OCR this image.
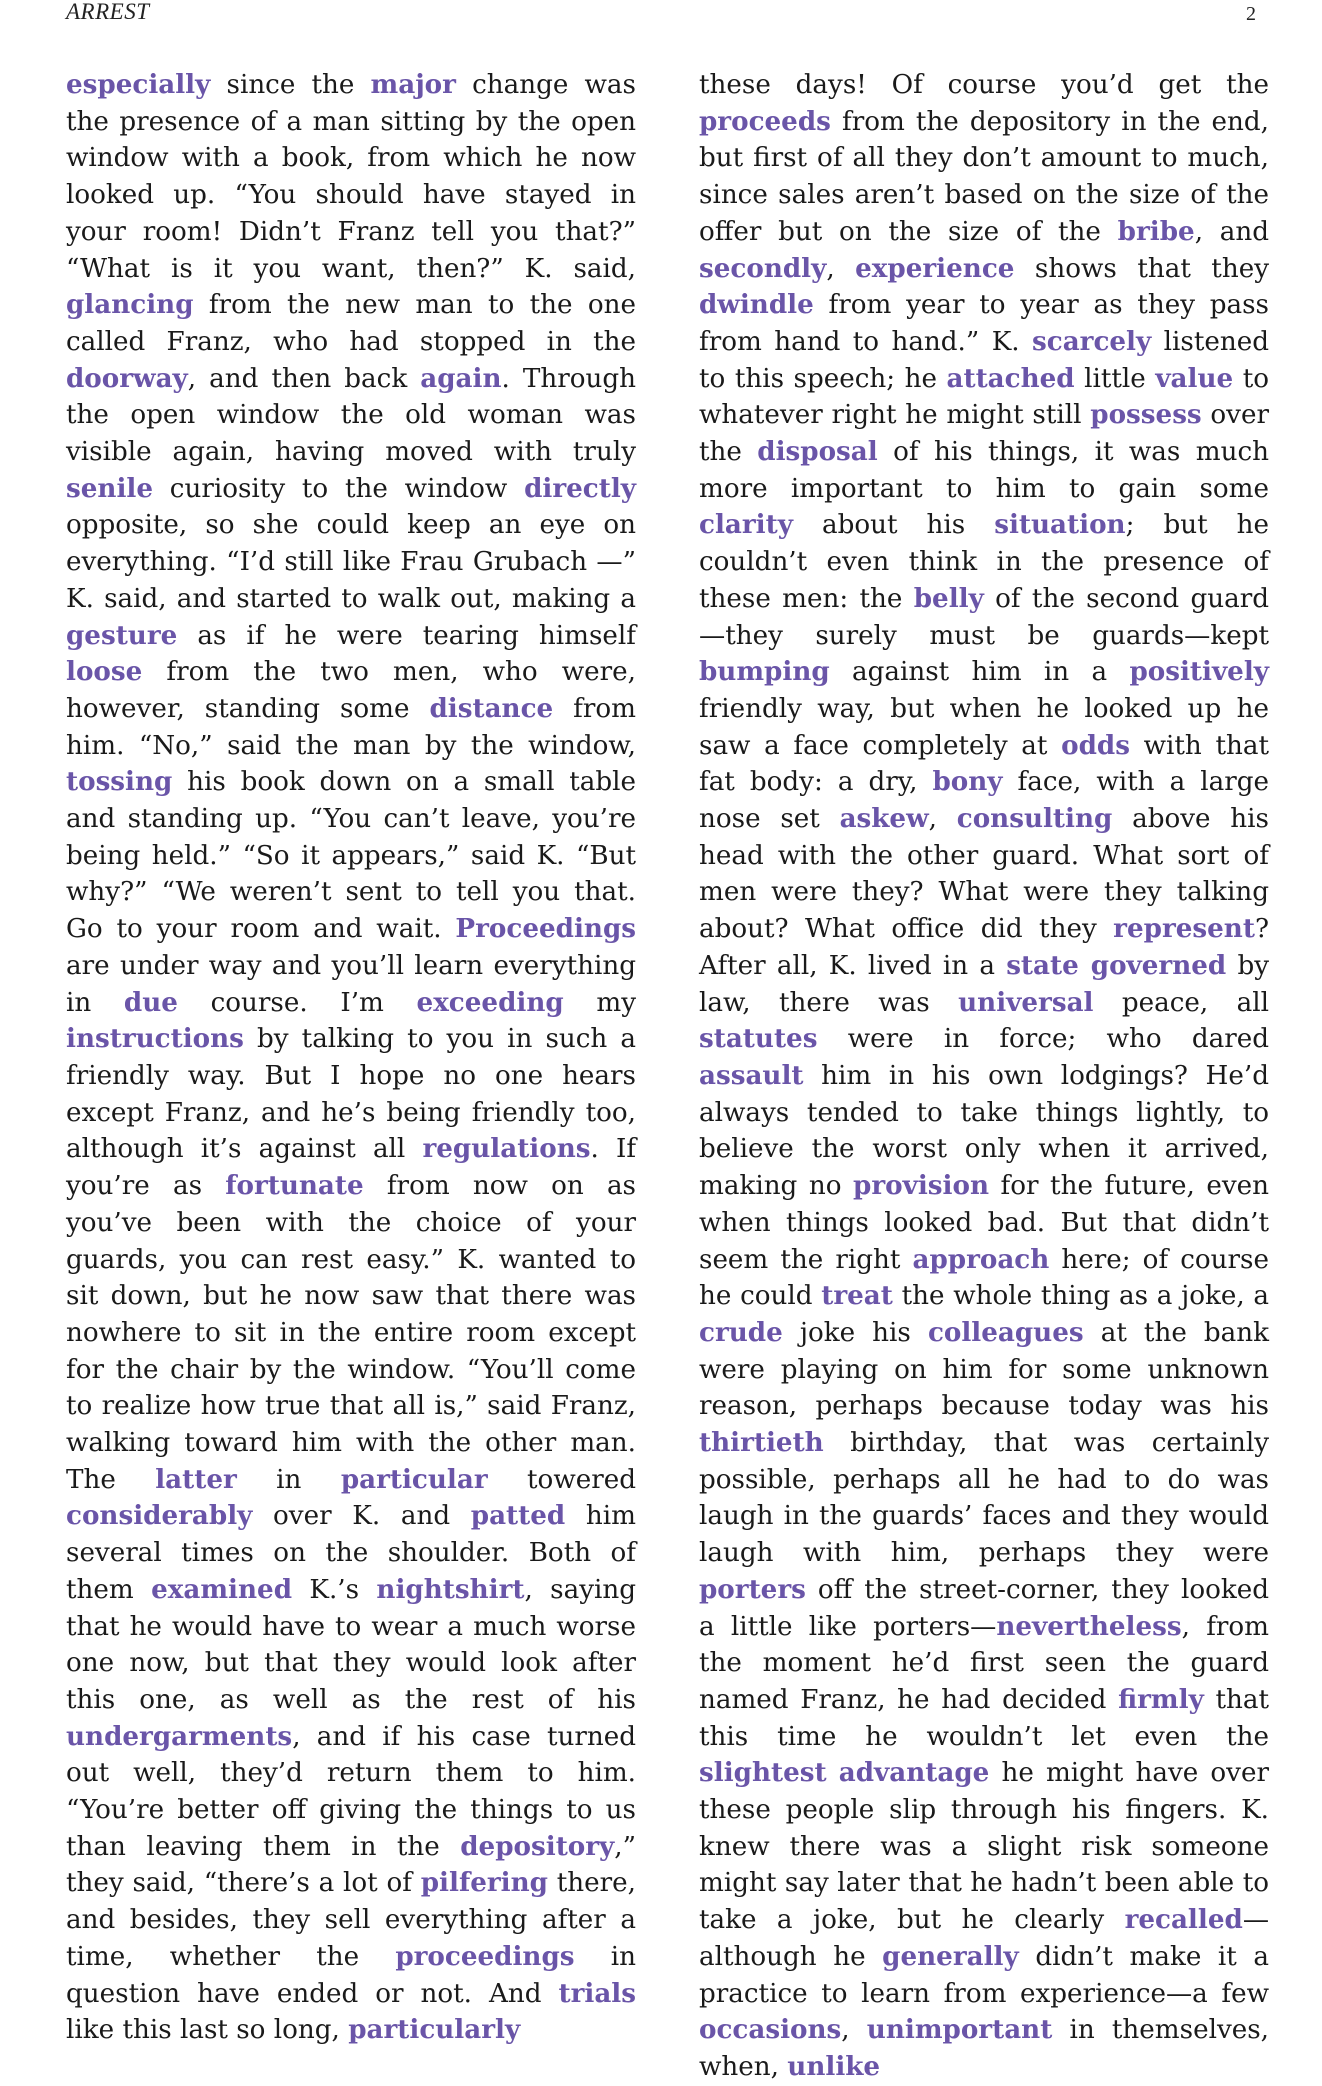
ARREST	2

especially since the major change was the presence of a man sitting by the open window with a book, from which he now looked up. “You should have stayed in your room! Didn’t Franz tell you that?” “What is it you want, then?” K. said, glancing from the new man to the one called Franz, who had stopped in the doorway, and then back again. Through the open window the old woman was visible again, having moved with truly senile curiosity to the window directly opposite, so she could keep an eye on everything. “I’d still like Frau Grubach —” K. said, and started to walk out, making a gesture as if he were tearing himself loose from the two men, who were, however, standing some distance from him. “No,” said the man by the window, tossing his book down on a small table and standing up. “You can’t leave, you’re being held.” “So it appears,” said K. “But why?” “We weren’t sent to tell you that. Go to your room and wait. Proceedings are under way and you’ll learn everything in due course. I’m exceeding my instructions by talking to you in such a friendly way. But I hope no one hears except Franz, and he’s being friendly too, although it’s against all regulations. If you’re as fortunate from now on as you’ve been with the choice of your guards, you can rest easy.” K. wanted to sit down, but he now saw that there was nowhere to sit in the entire room except for the chair by the window. “You’ll come to realize how true that all is,” said Franz, walking toward him with the other man. The latter in particular towered considerably over K. and patted him several times on the shoulder. Both of them examined K.’s nightshirt, saying that he would have to wear a much worse one now, but that they would look after this one, as well as the rest of his undergarments, and if his case turned out well, they’d return them to him. “You’re better off giving the things to us than leaving them in the depository,” they said, “there’s a lot of pilfering there, and besides, they sell everything after a time, whether the proceedings in question have ended or not. And trials like this last so long, particularly

these days! Of course you’d get the proceeds from the depository in the end, but first of all they don’t amount to much, since sales aren’t based on the size of the offer but on the size of the bribe, and secondly, experience shows that they dwindle from year to year as they pass from hand to hand.” K. scarcely listened to this speech; he attached little value to whatever right he might still possess over the disposal of his things, it was much more important to him to gain some clarity about his situation; but he couldn’t even think in the presence of these men: the belly of the second guard—they surely must be guards—kept bumping against him in a positively friendly way, but when he looked up he saw a face completely at odds with that fat body: a dry, bony face, with a large nose set askew, consulting above his head with the other guard. What sort of men were they? What were they talking about? What office did they represent? After all, K. lived in a state governed by law, there was universal peace, all statutes were in force; who dared assault him in his own lodgings? He’d always tended to take things lightly, to believe the worst only when it arrived, making no provision for the future, even when things looked bad. But that didn’t seem the right approach here; of course he could treat the whole thing as a joke, a crude joke his colleagues at the bank were playing on him for some unknown reason, perhaps because today was his thirtieth birthday, that was certainly possible, perhaps all he had to do was laugh in the guards’ faces and they would laugh with him, perhaps they were porters off the street-corner, they looked a little like porters—nevertheless, from the moment he’d first seen the guard named Franz, he had decided firmly that this time he wouldn’t let even the slightest advantage he might have over these people slip through his fingers. K. knew there was a slight risk someone might say later that he hadn’t been able to take a joke, but he clearly recalled—although he generally didn’t make it a practice to learn from experience—a few occasions, unimportant in themselves, when, unlike
